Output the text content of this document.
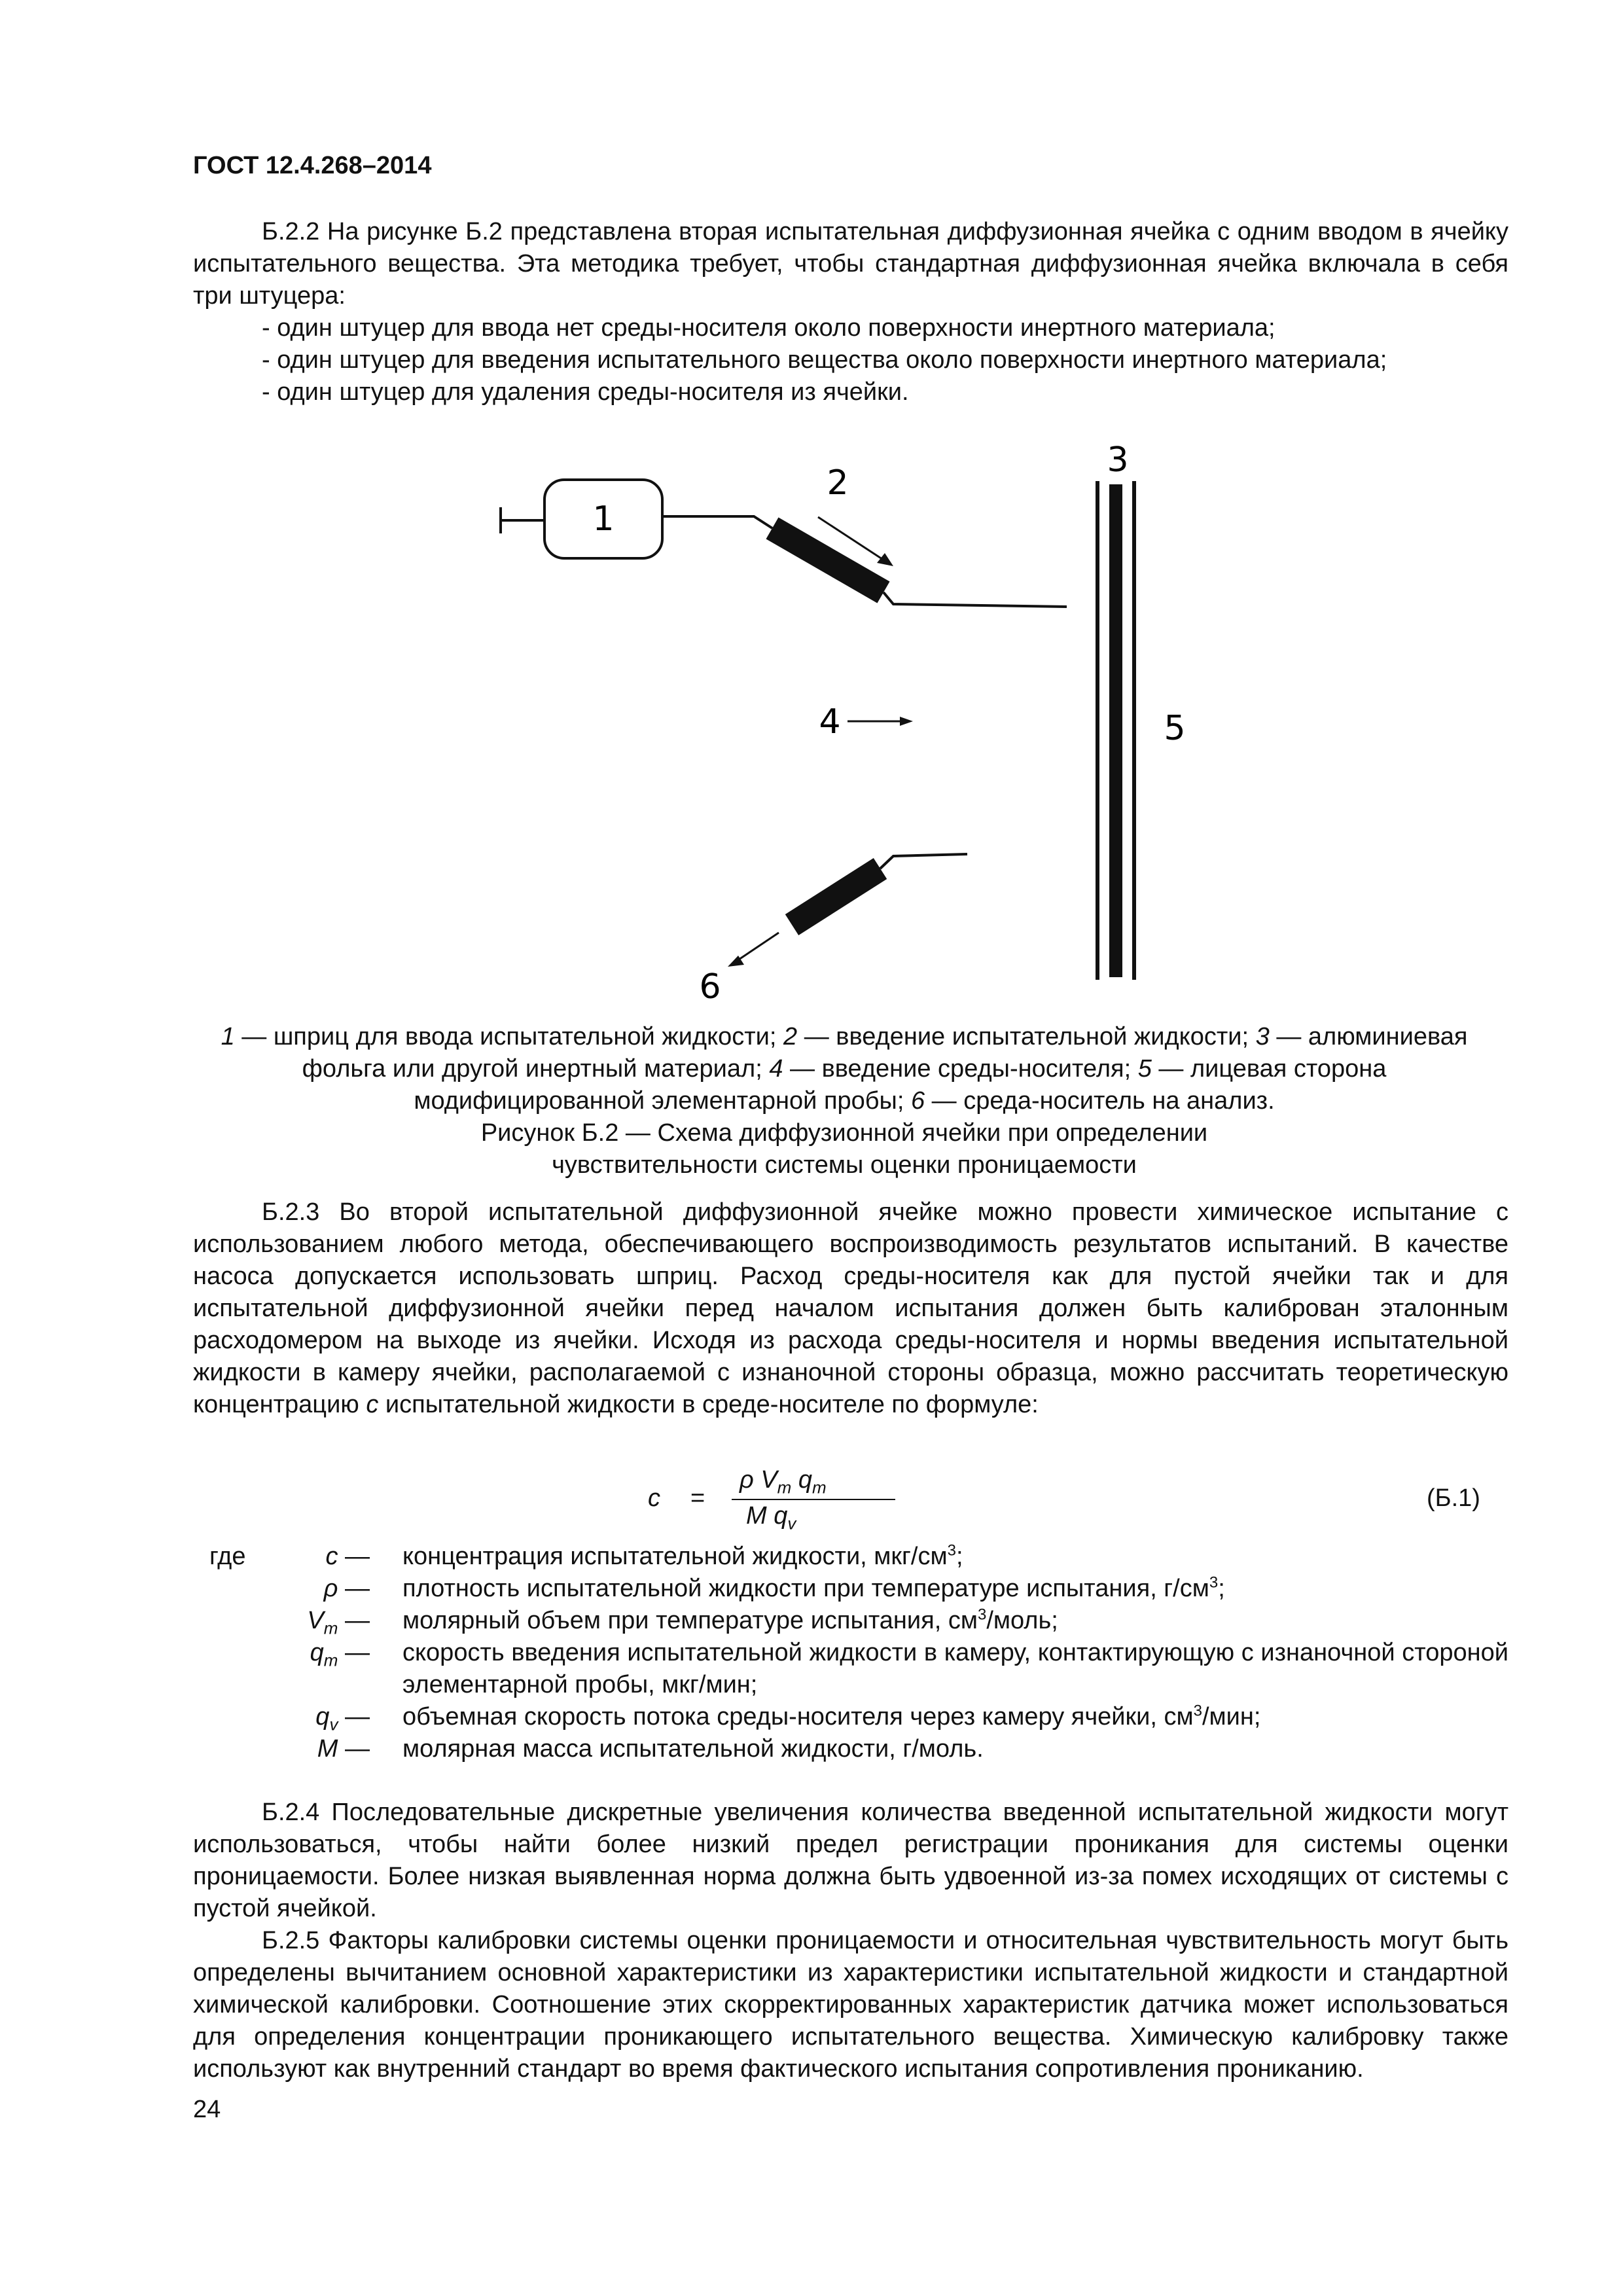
ГОСТ 12.4.268–2014

Б.2.2 На рисунке Б.2 представлена вторая испытательная диффузионная ячейка с одним вводом в ячейку испытательного вещества. Эта методика требует, чтобы стандартная диффузионная ячейка включала в себя три штуцера:

- один штуцер для ввода нет среды-носителя около поверхности инертного материала;

- один штуцер для введения испытательного вещества около поверхности инертного материала;

- один штуцер для удаления среды-носителя из ячейки.

1
2
3
4	5
6

1 — шприц для ввода испытательной жидкости; 2 — введение испытательной жидкости; 3 — алюминиевая фольга или другой инертный материал; 4 — введение среды-носителя; 5 — лицевая сторона модифицированной элементарной пробы; 6 — среда-носитель на анализ.

Рисунок Б.2 — Схема диффузионной ячейки при определении

чувствительности системы оценки проницаемости

Б.2.3 Во второй испытательной диффузионной ячейке можно провести химическое испытание с использованием любого метода, обеспечивающего воспроизводимость результатов испытаний. В качестве насоса допускается использовать шприц. Расход среды-носителя как для пустой ячейки так и для испытательной диффузионной ячейки перед началом испытания должен быть калиброван эталонным расходомером на выходе из ячейки. Исходя из расхода среды-носителя и нормы введения испытательной жидкости в камеру ячейки, располагаемой с изнаночной стороны образца, можно рассчитать теоретическую концентрацию c испытательной жидкости в среде-носителе по формуле:

c =
ρ $V_m$ $q_m$
M $q_v$
(Б.1)
где	c — концентрация испытательной жидкости, мкг/$см^3$;
ρ — плотность испытательной жидкости при температуре испытания, $г/см^3$;
$V_m$ — молярный объем при температуре испытания, $см^3$/моль;
$q_m$ — скорость введения испытательной жидкости в камеру, контактирующую с изнаночной стороной элементарной пробы, мкг/мин;
$q_v$ — объемная скорость потока среды-носителя через камеру ячейки, $см^3$/мин;
M — молярная масса испытательной жидкости, г/моль.

Б.2.4 Последовательные дискретные увеличения количества введенной испытательной жидкости могут использоваться, чтобы найти более низкий предел регистрации проникания для системы оценки проницаемости. Более низкая выявленная норма должна быть удвоенной из-за помех исходящих от системы с пустой ячейкой.

Б.2.5 Факторы калибровки системы оценки проницаемости и относительная чувствительность могут быть определены вычитанием основной характеристики из характеристики испытательной жидкости и стандартной химической калибровки. Соотношение этих скорректированных характеристик датчика может использоваться для определения концентрации проникающего испытательного вещества. Химическую калибровку также используют как внутренний стандарт во время фактического испытания сопротивления прониканию.

24
